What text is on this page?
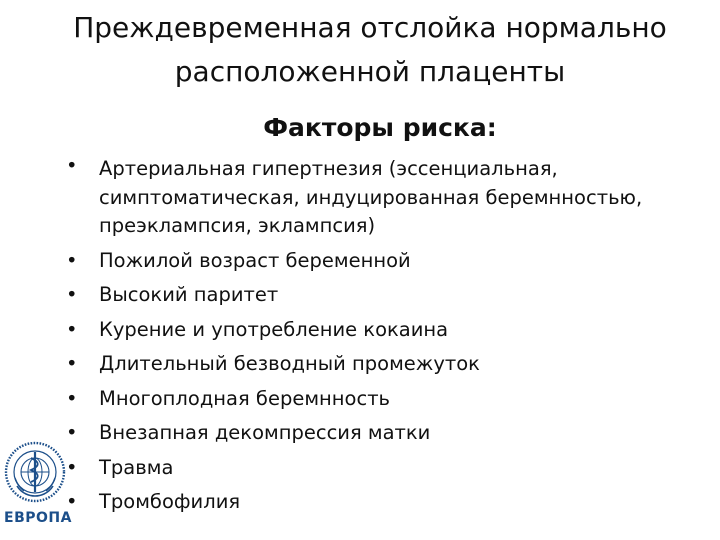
Преждевременная отслойка нормально
расположенной плаценты
Факторы риска:
• Артериальная гипертнезия (эссенциальная, симптоматическая, индуцированная беремнностью, преэклампсия, эклампсия)
• Пожилой возраст беременной
• Высокий паритет
• Курение и употребление кокаина
• Длительный безводный промежуток
• Многоплодная беремнность
• Внезапная декомпрессия матки
• Травма
• Тромбофилия
ЕВРОПА
